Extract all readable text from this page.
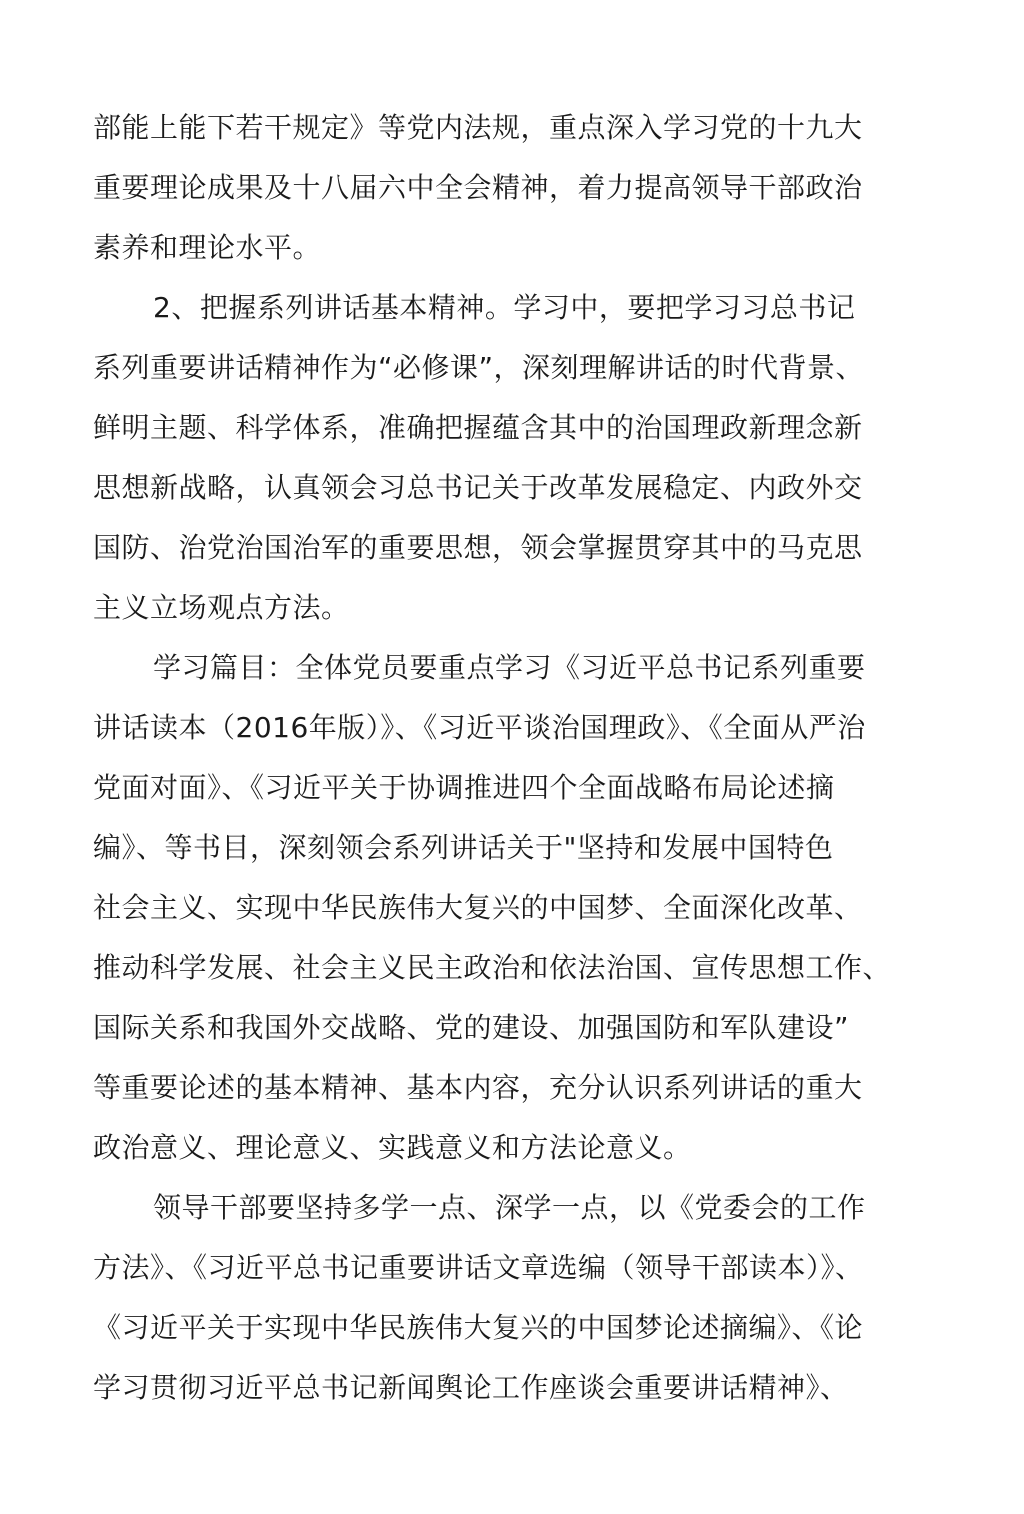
部能上能下若干规定》等党内法规，重点深入学习党的十九大
重要理论成果及十八届六中全会精神，着力提高领导干部政治
素养和理论水平。
2、把握系列讲话基本精神。学习中，要把学习习总书记
系列重要讲话精神作为“必修课”，深刻理解讲话的时代背景、
鲜明主题、科学体系，准确把握蕴含其中的治国理政新理念新
思想新战略，认真领会习总书记关于改革发展稳定、内政外交
国防、治党治国治军的重要思想，领会掌握贯穿其中的马克思
主义立场观点方法。
学习篇目：全体党员要重点学习《习近平总书记系列重要
讲话读本（2016年版）》、《习近平谈治国理政》、《全面从严治
党面对面》、《习近平关于协调推进四个全面战略布局论述摘
编》、等书目，深刻领会系列讲话关于"坚持和发展中国特色
社会主义、实现中华民族伟大复兴的中国梦、全面深化改革、
推动科学发展、社会主义民主政治和依法治国、宣传思想工作、
国际关系和我国外交战略、党的建设、加强国防和军队建设”
等重要论述的基本精神、基本内容，充分认识系列讲话的重大
政治意义、理论意义、实践意义和方法论意义。
领导干部要坚持多学一点、深学一点，以《党委会的工作
方法》、《习近平总书记重要讲话文章选编（领导干部读本）》、
《习近平关于实现中华民族伟大复兴的中国梦论述摘编》、《论
学习贯彻习近平总书记新闻舆论工作座谈会重要讲话精神》、
